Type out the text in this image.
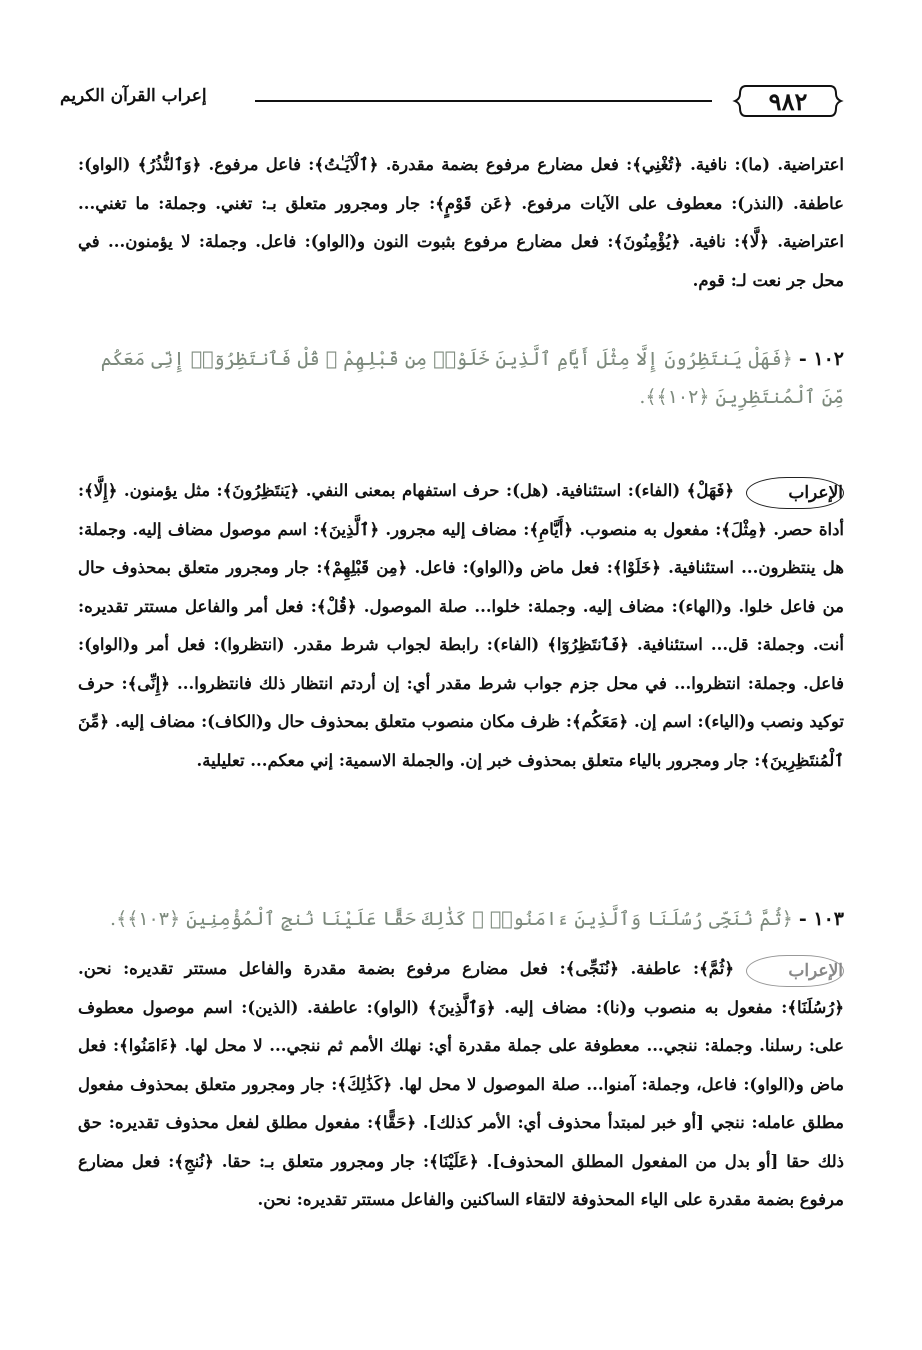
٩٨٢
إعراب القرآن الكريم

اعتراضية. (ما): نافية. ﴿تُغْنِي﴾: فعل مضارع مرفوع بضمة مقدرة. ﴿ٱلْآيَـٰتُ﴾: فاعل مرفوع. ﴿وَٱلنُّذُرُ﴾ (الواو): عاطفة. (النذر): معطوف على الآيات مرفوع. ﴿عَن قَوْمٍ﴾: جار ومجرور متعلق بـ: تغني. وجملة: ما تغني... اعتراضية. ﴿لَّا﴾: نافية. ﴿يُؤْمِنُونَ﴾: فعل مضارع مرفوع بثبوت النون و(الواو): فاعل. وجملة: لا يؤمنون... في محل جر نعت لـ: قوم.

١٠٢ -﴿فَهَلْ يَنتَظِرُونَ إِلَّا مِثْلَ أَيَّامِ ٱلَّذِينَ خَلَوْا۟ مِن قَبْلِهِمْ ۚ قُلْ فَٱنتَظِرُوٓا۟ إِنِّى مَعَكُم مِّنَ ٱلْمُنتَظِرِينَ ﴿١٠٢﴾﴾.
الإعراب

﴿فَهَلْ﴾ (الفاء): استئنافية. (هل): حرف استفهام بمعنى النفي. ﴿يَنتَظِرُونَ﴾: مثل يؤمنون. ﴿إِلَّا﴾: أداة حصر. ﴿مِثْلَ﴾: مفعول به منصوب. ﴿أَيَّامِ﴾: مضاف إليه مجرور. ﴿ٱلَّذِينَ﴾: اسم موصول مضاف إليه. وجملة: هل ينتظرون... استئنافية. ﴿خَلَوْا﴾: فعل ماض و(الواو): فاعل. ﴿مِن قَبْلِهِمْ﴾: جار ومجرور متعلق بمحذوف حال من فاعل خلوا. و(الهاء): مضاف إليه. وجملة: خلوا... صلة الموصول. ﴿قُلْ﴾: فعل أمر والفاعل مستتر تقديره: أنت. وجملة: قل... استئنافية. ﴿فَٱنتَظِرُوٓا﴾ (الفاء): رابطة لجواب شرط مقدر. (انتظروا): فعل أمر و(الواو): فاعل. وجملة: انتظروا... في محل جزم جواب شرط مقدر أي: إن أردتم انتظار ذلك فانتظروا... ﴿إِنِّى﴾: حرف توكيد ونصب و(الياء): اسم إن. ﴿مَعَكُم﴾: ظرف مكان منصوب متعلق بمحذوف حال و(الكاف): مضاف إليه. ﴿مِّنَ ٱلْمُنتَظِرِينَ﴾: جار ومجرور بالياء متعلق بمحذوف خبر إن. والجملة الاسمية: إني معكم... تعليلية.

١٠٣ -﴿ثُمَّ نُنَجِّى رُسُلَنَا وَٱلَّذِينَ ءَامَنُوا۟ ۚ كَذَٰلِكَ حَقًّا عَلَيْنَا نُنجِ ٱلْمُؤْمِنِينَ ﴿١٠٣﴾﴾.
الإعراب

﴿ثُمَّ﴾: عاطفة. ﴿نُنَجِّى﴾: فعل مضارع مرفوع بضمة مقدرة والفاعل مستتر تقديره: نحن. ﴿رُسُلَنَا﴾: مفعول به منصوب و(نا): مضاف إليه. ﴿وَٱلَّذِينَ﴾ (الواو): عاطفة. (الذين): اسم موصول معطوف على: رسلنا. وجملة: ننجي... معطوفة على جملة مقدرة أي: نهلك الأمم ثم ننجي... لا محل لها. ﴿ءَامَنُوا﴾: فعل ماض و(الواو): فاعل، وجملة: آمنوا... صلة الموصول لا محل لها. ﴿كَذَٰلِكَ﴾: جار ومجرور متعلق بمحذوف مفعول مطلق عامله: ننجي [أو خبر لمبتدأ محذوف أي: الأمر كذلك]. ﴿حَقًّا﴾: مفعول مطلق لفعل محذوف تقديره: حق ذلك حقا [أو بدل من المفعول المطلق المحذوف]. ﴿عَلَيْنَا﴾: جار ومجرور متعلق بـ: حقا. ﴿نُنجِ﴾: فعل مضارع مرفوع بضمة مقدرة على الياء المحذوفة لالتقاء الساكنين والفاعل مستتر تقديره: نحن.
